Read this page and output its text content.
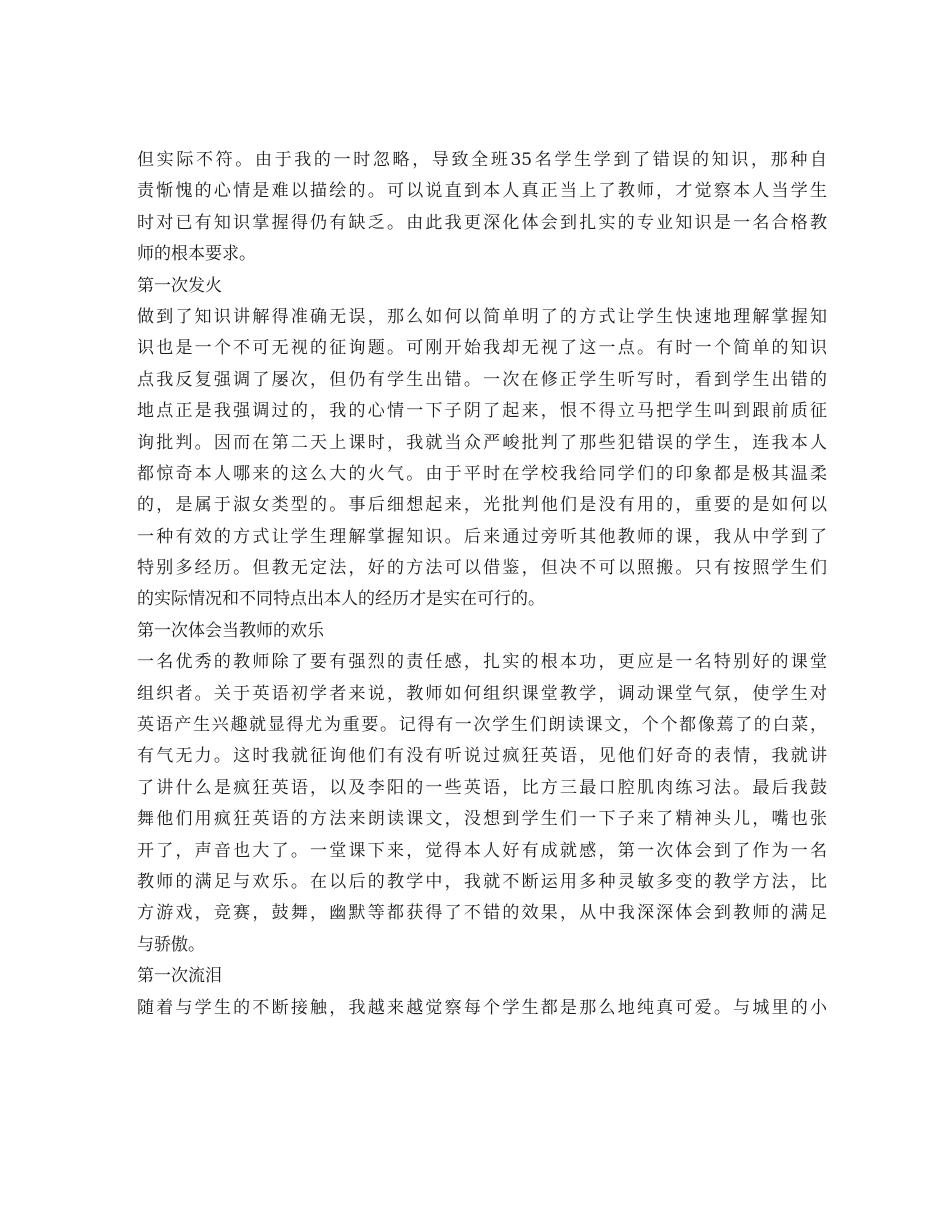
但实际不符。由于我的一时忽略，导致全班35名学生学到了错误的知识，那种自
责惭愧的心情是难以描绘的。可以说直到本人真正当上了教师，才觉察本人当学生
时对已有知识掌握得仍有缺乏。由此我更深化体会到扎实的专业知识是一名合格教
师的根本要求。
第一次发火
做到了知识讲解得准确无误，那么如何以简单明了的方式让学生快速地理解掌握知
识也是一个不可无视的征询题。可刚开始我却无视了这一点。有时一个简单的知识
点我反复强调了屡次，但仍有学生出错。一次在修正学生听写时，看到学生出错的
地点正是我强调过的，我的心情一下子阴了起来，恨不得立马把学生叫到跟前质征
询批判。因而在第二天上课时，我就当众严峻批判了那些犯错误的学生，连我本人
都惊奇本人哪来的这么大的火气。由于平时在学校我给同学们的印象都是极其温柔
的，是属于淑女类型的。事后细想起来，光批判他们是没有用的，重要的是如何以
一种有效的方式让学生理解掌握知识。后来通过旁听其他教师的课，我从中学到了
特别多经历。但教无定法，好的方法可以借鉴，但决不可以照搬。只有按照学生们
的实际情况和不同特点出本人的经历才是实在可行的。
第一次体会当教师的欢乐
一名优秀的教师除了要有强烈的责任感，扎实的根本功，更应是一名特别好的课堂
组织者。关于英语初学者来说，教师如何组织课堂教学，调动课堂气氛，使学生对
英语产生兴趣就显得尤为重要。记得有一次学生们朗读课文，个个都像蔫了的白菜，
有气无力。这时我就征询他们有没有听说过疯狂英语，见他们好奇的表情，我就讲
了讲什么是疯狂英语，以及李阳的一些英语，比方三最口腔肌肉练习法。最后我鼓
舞他们用疯狂英语的方法来朗读课文，没想到学生们一下子来了精神头儿，嘴也张
开了，声音也大了。一堂课下来，觉得本人好有成就感，第一次体会到了作为一名
教师的满足与欢乐。在以后的教学中，我就不断运用多种灵敏多变的教学方法，比
方游戏，竞赛，鼓舞，幽默等都获得了不错的效果，从中我深深体会到教师的满足
与骄傲。
第一次流泪
随着与学生的不断接触，我越来越觉察每个学生都是那么地纯真可爱。与城里的小
